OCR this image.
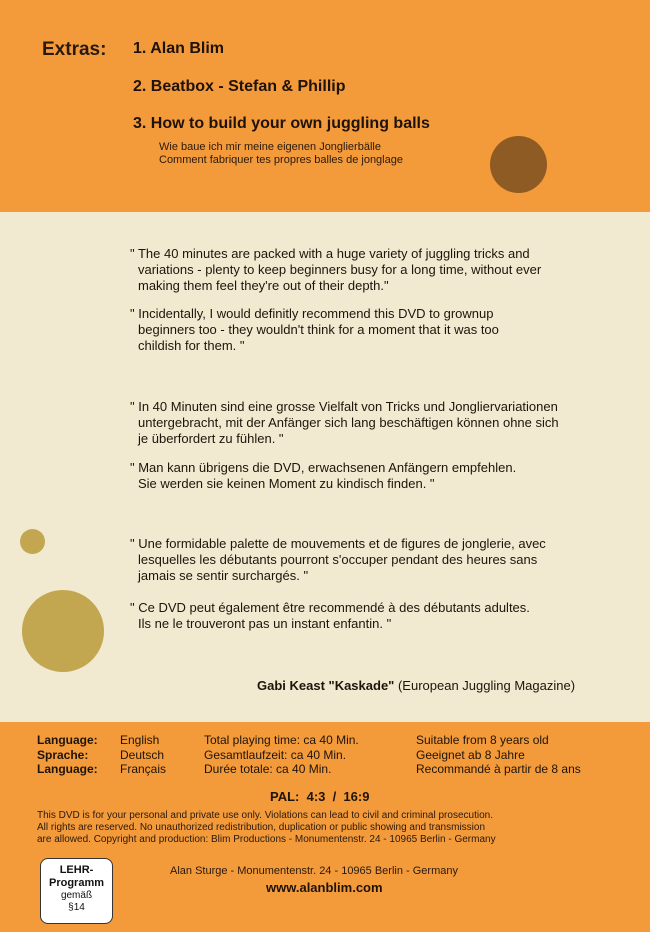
Extras: 1. Alan Blim
2. Beatbox - Stefan & Phillip
3. How to build your own juggling balls
Wie baue ich mir meine eigenen Jonglierbälle
Comment fabriquer tes propres balles de jonglage
" The 40 minutes are packed with a huge variety of juggling tricks and
variations - plenty to keep beginners busy for a long time, without ever
making them feel they're out of their depth."
" Incidentally, I would definitly recommend this DVD to grownup
beginners too - they wouldn't think for a moment that it was too
childish for them. "
" In 40 Minuten sind eine grosse Vielfalt von Tricks und Jongliervariationen
untergebracht, mit der Anfänger sich lang beschäftigen können ohne sich
je überfordert zu fühlen. "
" Man kann übrigens die DVD, erwachsenen Anfängern empfehlen.
Sie werden sie keinen Moment zu kindisch finden. "
" Une formidable palette de mouvements et de figures de jonglerie, avec
lesquelles les débutants pourront s'occuper pendant des heures sans
jamais se sentir surchargés. "
" Ce DVD peut également être recommendé à des débutants adultes.
Ils ne le trouveront pas un instant enfantin. "
Gabi Keast "Kaskade" (European Juggling Magazine)
Language:
Sprache:
Language:
English
Deutsch
Français
Total playing time: ca 40 Min.
Gesamtlaufzeit: ca 40 Min.
Durée totale: ca 40 Min.
Suitable from 8 years old
Geeignet ab 8 Jahre
Recommandé à partir de 8 ans
PAL:  4:3  /  16:9
This DVD is for your personal and private use only. Violations can lead to civil and criminal prosecution.
All rights are reserved. No unauthorized redistribution, duplication or public showing and transmission
are allowed. Copyright and production: Blim Productions - Monumentenstr. 24 - 10965 Berlin - Germany
LEHR-
Programm
gemäß
§14
Alan Sturge - Monumentenstr. 24 - 10965 Berlin - Germany
www.alanblim.com
